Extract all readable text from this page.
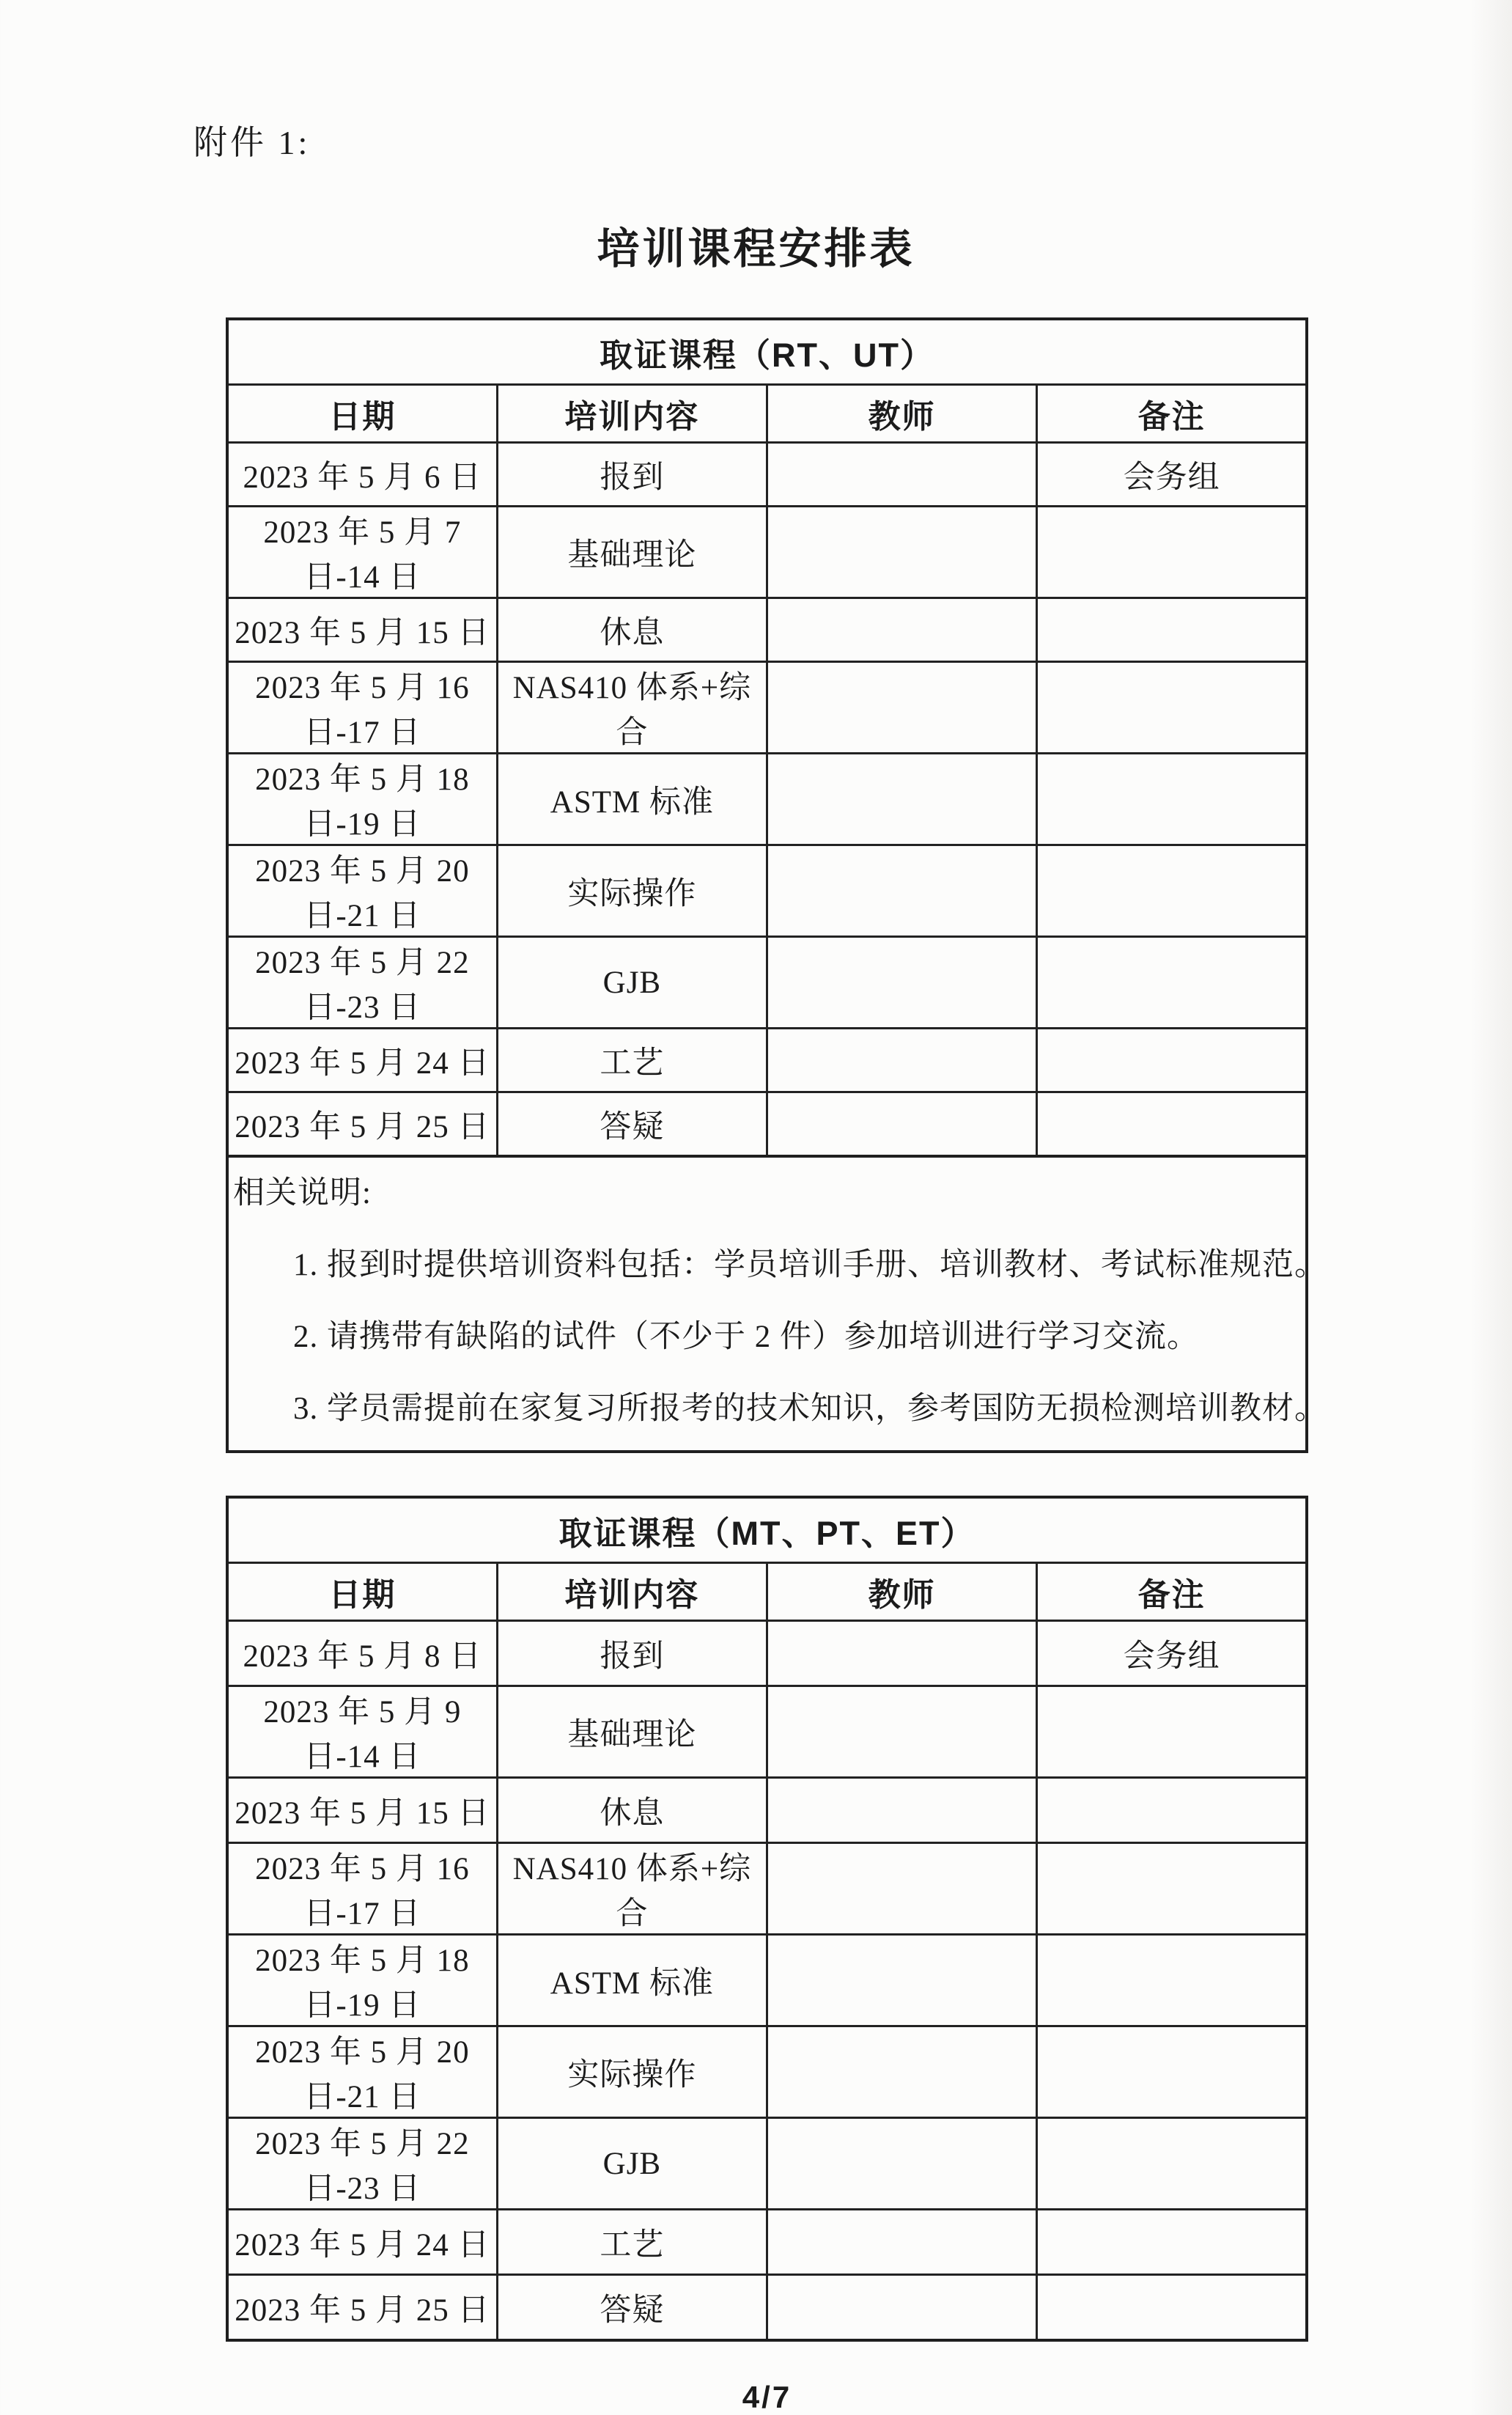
附件 1:
培训课程安排表
取证课程（RT、UT）			
日期	培训内容	教师	备注
2023 年 5 月 6 日	报到		会务组
2023 年 5 月 7 日-14 日	基础理论		
2023 年 5 月 15 日	休息		
2023 年 5 月 16 日-17 日	NAS410 体系+综合		
2023 年 5 月 18 日-19 日	ASTM 标准		
2023 年 5 月 20 日-21 日	实际操作		
2023 年 5 月 22 日-23 日	GJB		
2023 年 5 月 24 日	工艺		
2023 年 5 月 25 日	答疑		
相关说明:
1. 报到时提供培训资料包括：学员培训手册、培训教材、考试标准规范。
2. 请携带有缺陷的试件（不少于 2 件）参加培训进行学习交流。
3. 学员需提前在家复习所报考的技术知识，参考国防无损检测培训教材。
取证课程（MT、PT、ET）			
日期	培训内容	教师	备注
2023 年 5 月 8 日	报到		会务组
2023 年 5 月 9 日-14 日	基础理论		
2023 年 5 月 15 日	休息		
2023 年 5 月 16 日-17 日	NAS410 体系+综合		
2023 年 5 月 18 日-19 日	ASTM 标准		
2023 年 5 月 20 日-21 日	实际操作		
2023 年 5 月 22 日-23 日	GJB		
2023 年 5 月 24 日	工艺		
2023 年 5 月 25 日	答疑		
4/7
